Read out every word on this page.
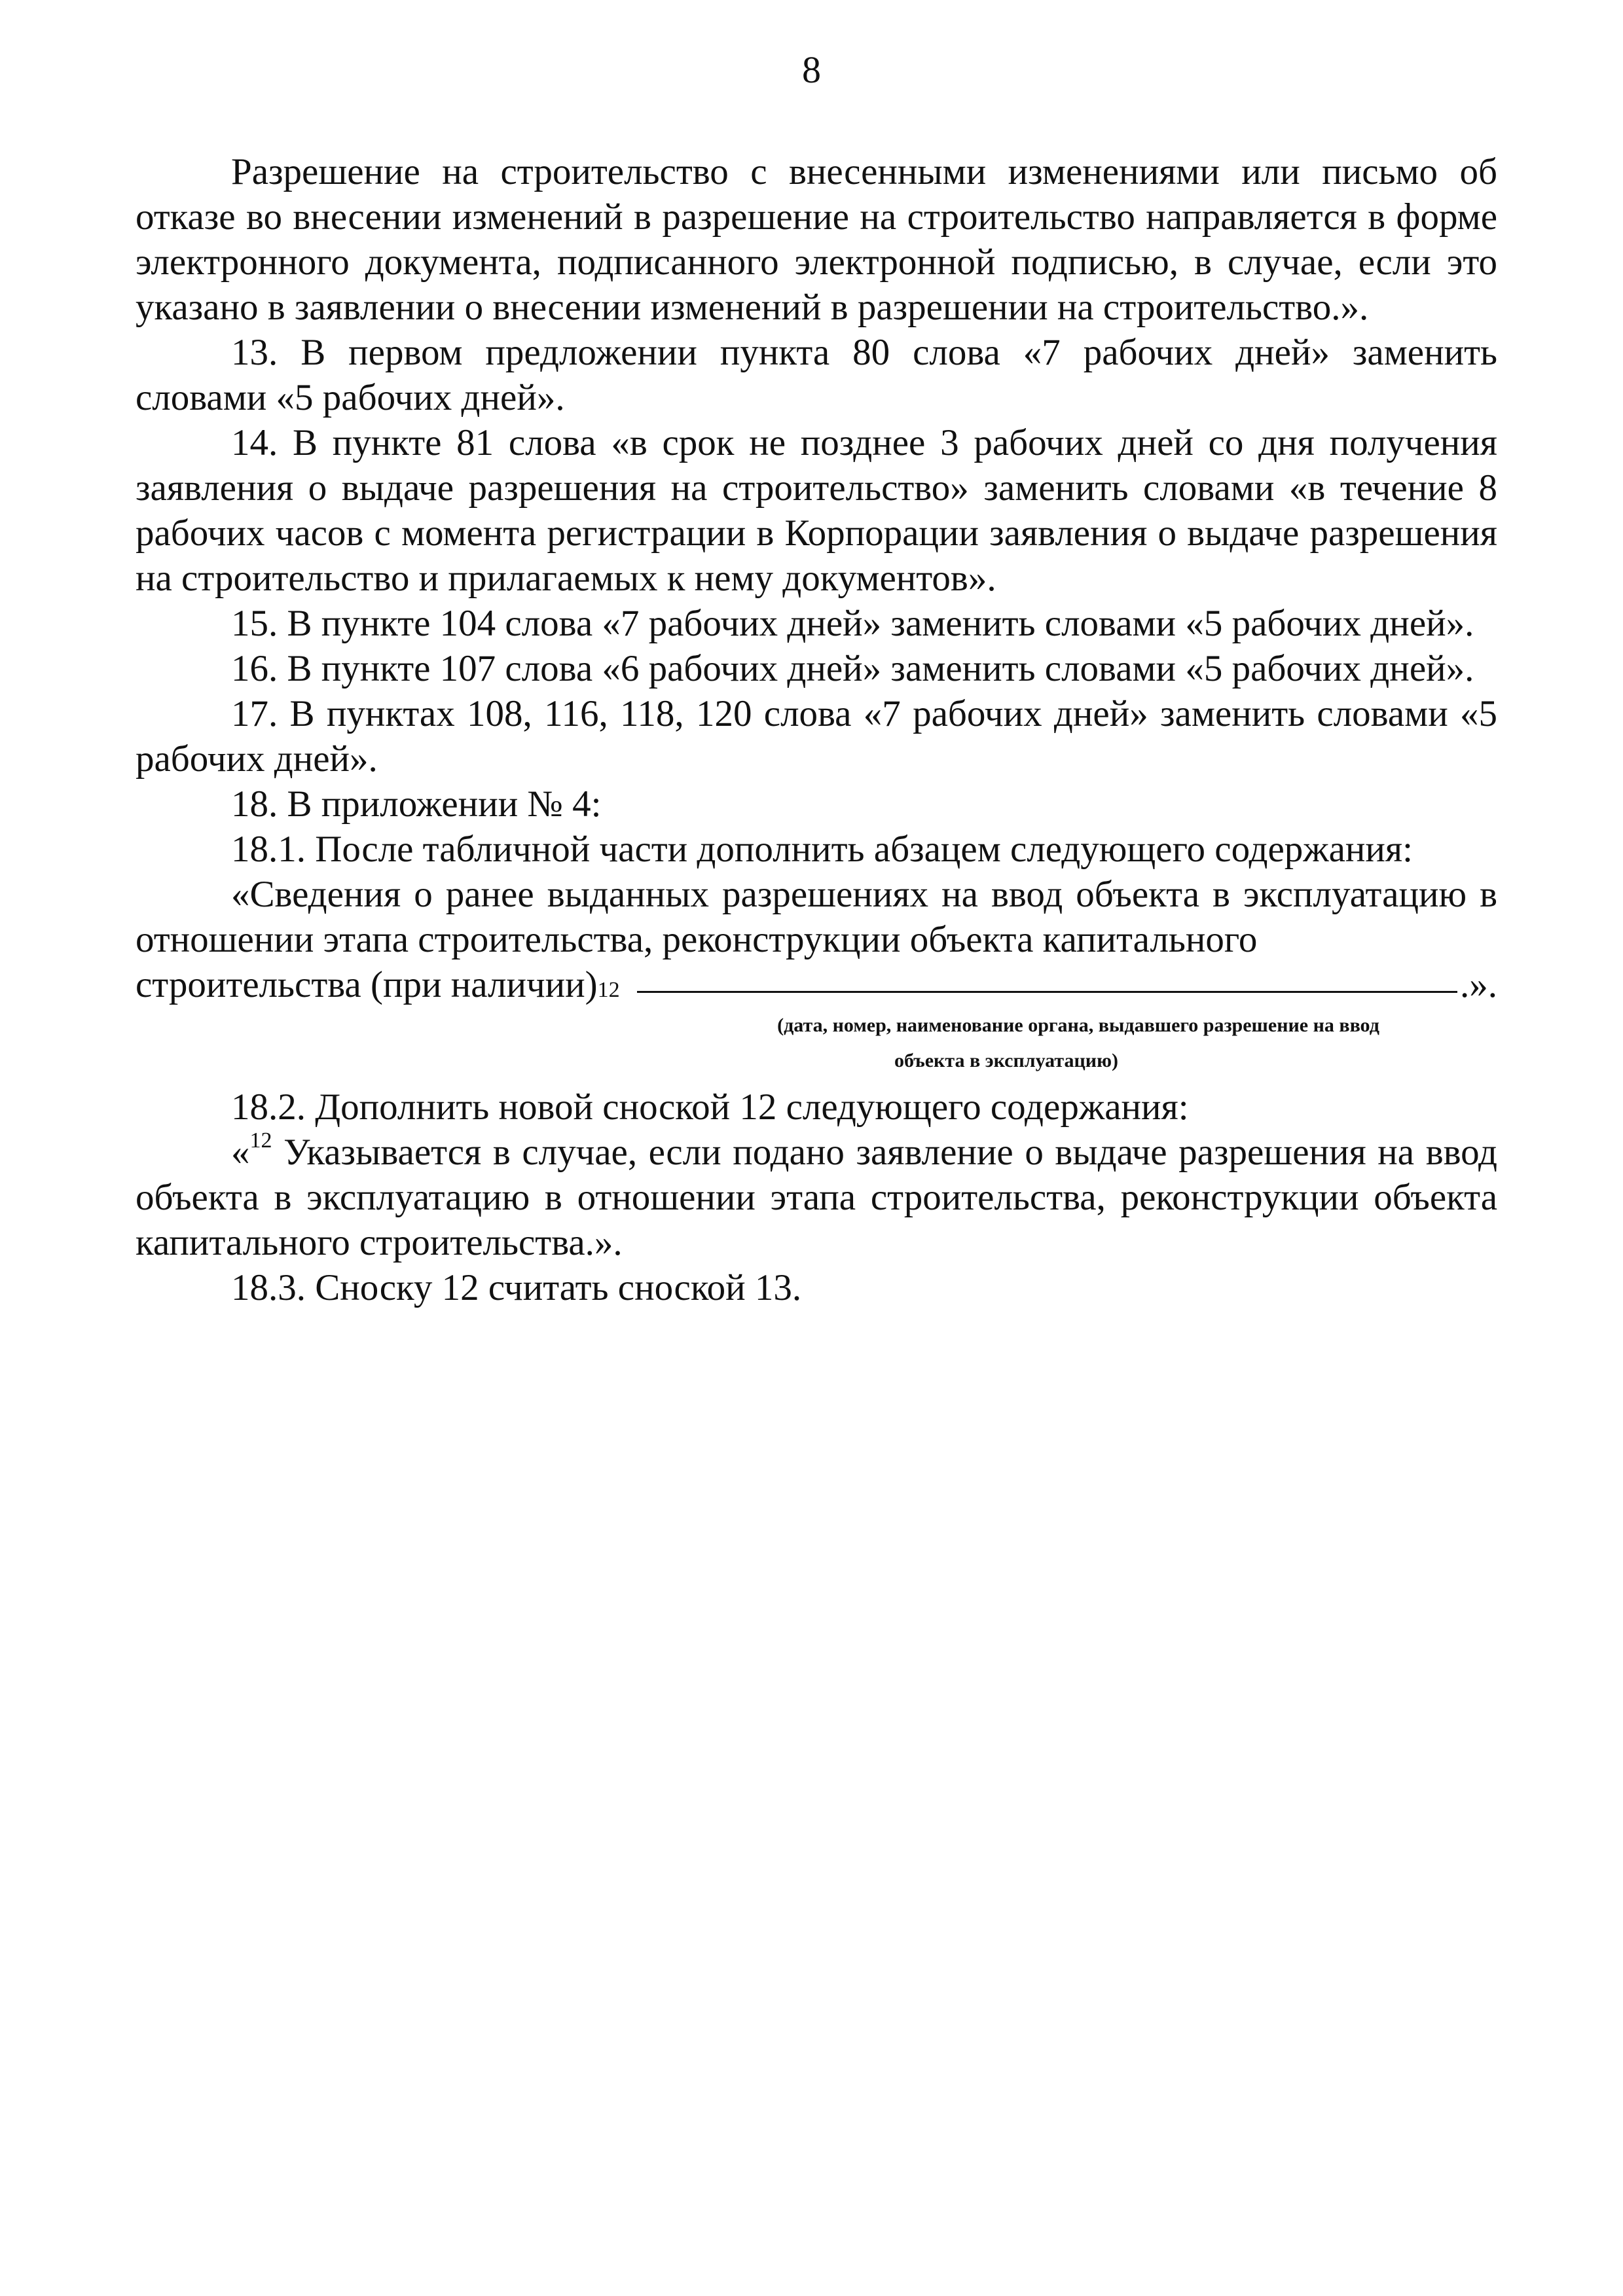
8

Разрешение на строительство с внесенными изменениями или письмо об отказе во внесении изменений в разрешение на строительство направляется в форме электронного документа, подписанного электронной подписью, в случае, если это указано в заявлении о внесении изменений в разрешении на строительство.».

13. В первом предложении пункта 80 слова «7 рабочих дней» заменить словами «5 рабочих дней».

14. В пункте 81 слова «в срок не позднее 3 рабочих дней со дня получения заявления о выдаче разрешения на строительство» заменить словами «в течение 8 рабочих часов с момента регистрации в Корпорации заявления о выдаче разрешения на строительство и прилагаемых к нему документов».

15. В пункте 104 слова «7 рабочих дней» заменить словами «5 рабочих дней».

16. В пункте 107 слова «6 рабочих дней» заменить словами «5 рабочих дней».

17. В пунктах 108, 116, 118, 120 слова «7 рабочих дней» заменить словами «5 рабочих дней».

18. В приложении № 4:

18.1. После табличной части дополнить абзацем следующего содержания:

«Сведения о ранее выданных разрешениях на ввод объекта в эксплуатацию в отношении этапа строительства, реконструкции объекта капитального

строительства (при наличии) 12	.».
(дата, номер, наименование органа, выдавшего разрешение на ввод
объекта в эксплуатацию)

18.2. Дополнить новой сноской 12 следующего содержания:

«$^{12}$ Указывается в случае, если подано заявление о выдаче разрешения на ввод объекта в эксплуатацию в отношении этапа строительства, реконструкции объекта капитального строительства.».

18.3. Сноску 12 считать сноской 13.
